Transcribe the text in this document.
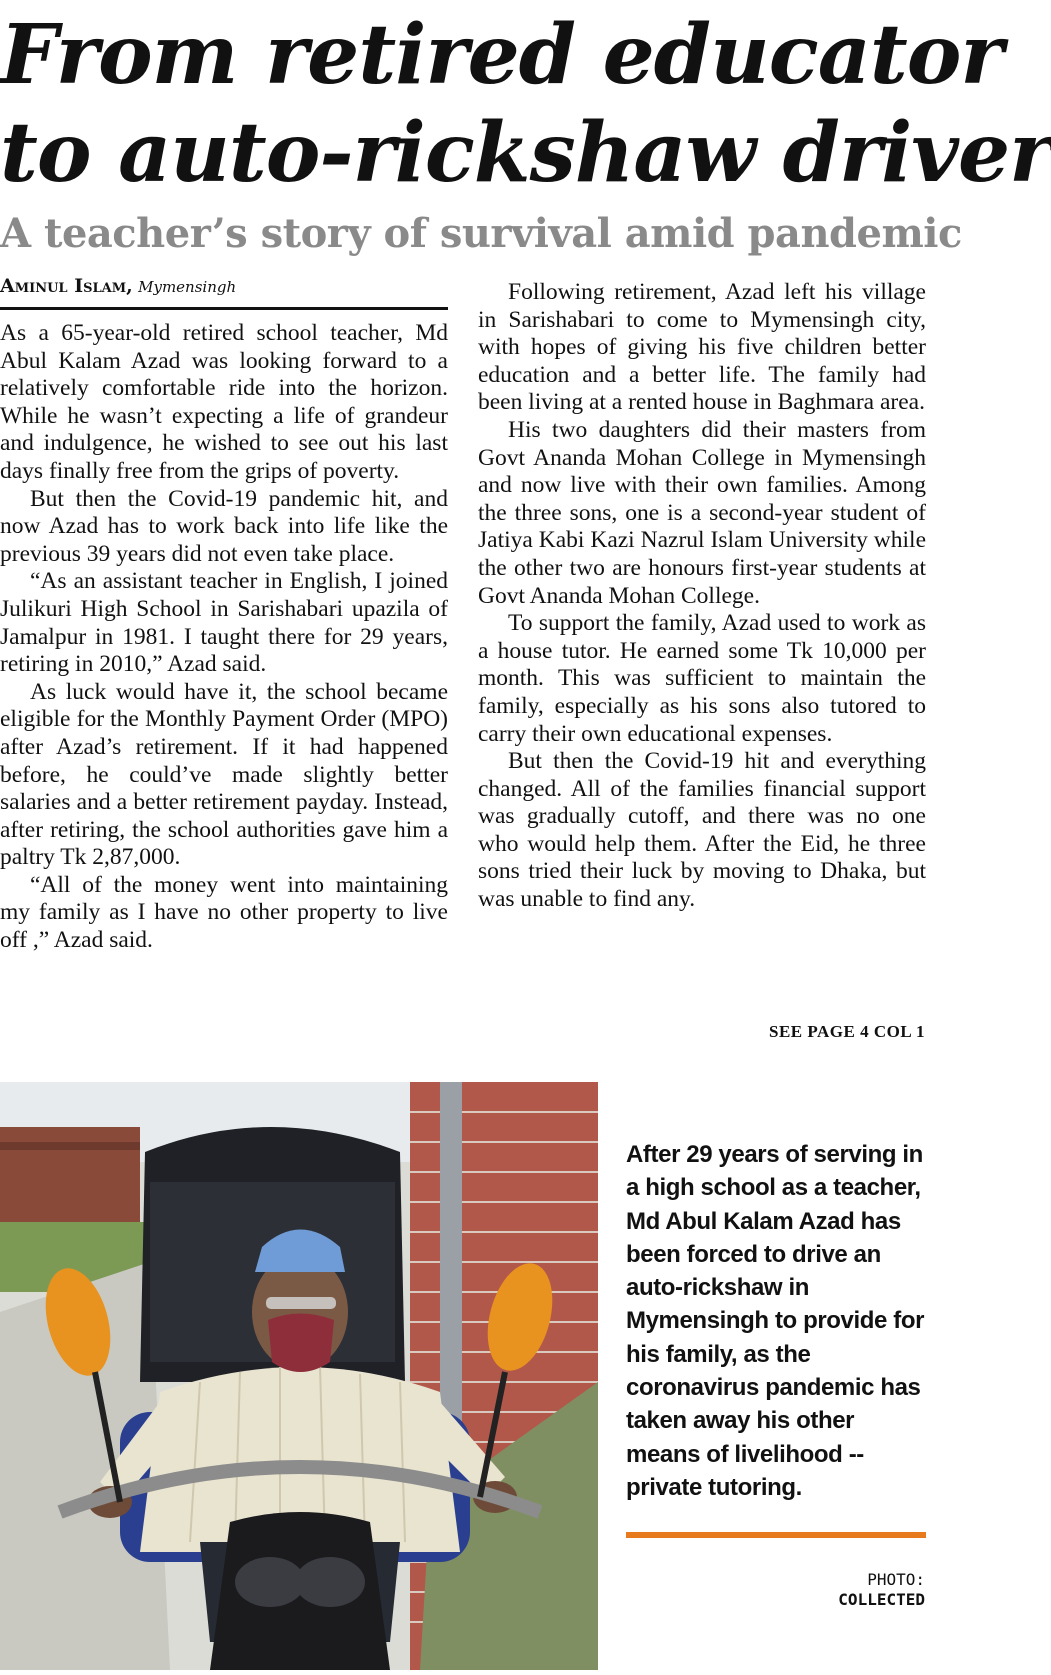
From retired educator
to auto-rickshaw driver
A teacher’s story of survival amid pandemic
Aminul Islam, Mymensingh

As a 65-year-old retired school teacher, Md Abul Kalam Azad was looking forward to a relatively comfortable ride into the horizon. While he wasn’t expecting a life of grandeur and indulgence, he wished to see out his last days finally free from the grips of poverty.

But then the Covid-19 pandemic hit, and now Azad has to work back into life like the previous 39 years did not even take place.

“As an assistant teacher in English, I joined Julikuri High School in Sarishabari upazila of Jamalpur in 1981. I taught there for 29 years, retiring in 2010,” Azad said.

As luck would have it, the school became eligible for the Monthly Payment Order (MPO) after Azad’s retirement. If it had happened before, he could’ve made slightly better salaries and a better retirement payday. Instead, after retiring, the school authorities gave him a paltry Tk 2,87,000.

“All of the money went into maintaining my family as I have no other property to live off ,” Azad said.

Following retirement, Azad left his village in Sarishabari to come to Mymensingh city, with hopes of giving his five children better education and a better life. The family had been living at a rented house in Baghmara area.

His two daughters did their masters from Govt Ananda Mohan College in Mymensingh and now live with their own families. Among the three sons, one is a second-year student of Jatiya Kabi Kazi Nazrul Islam University while the other two are honours first-year students at Govt Ananda Mohan College.

To support the family, Azad used to work as a house tutor. He earned some Tk 10,000 per month. This was sufficient to maintain the family, especially as his sons also tutored to carry their own educational expenses.

But then the Covid-19 hit and everything changed. All of the families financial support was gradually cutoff, and there was no one who would help them. After the Eid, he three sons tried their luck by moving to Dhaka, but was unable to find any.

SEE PAGE 4 COL 1
After 29 years of serving in a high school as a teacher, Md Abul Kalam Azad has been forced to drive an auto-rickshaw in Mymensingh to provide for his family, as the coronavirus pandemic has taken away his other means of livelihood -- private tutoring.
PHOTO:
COLLECTED
